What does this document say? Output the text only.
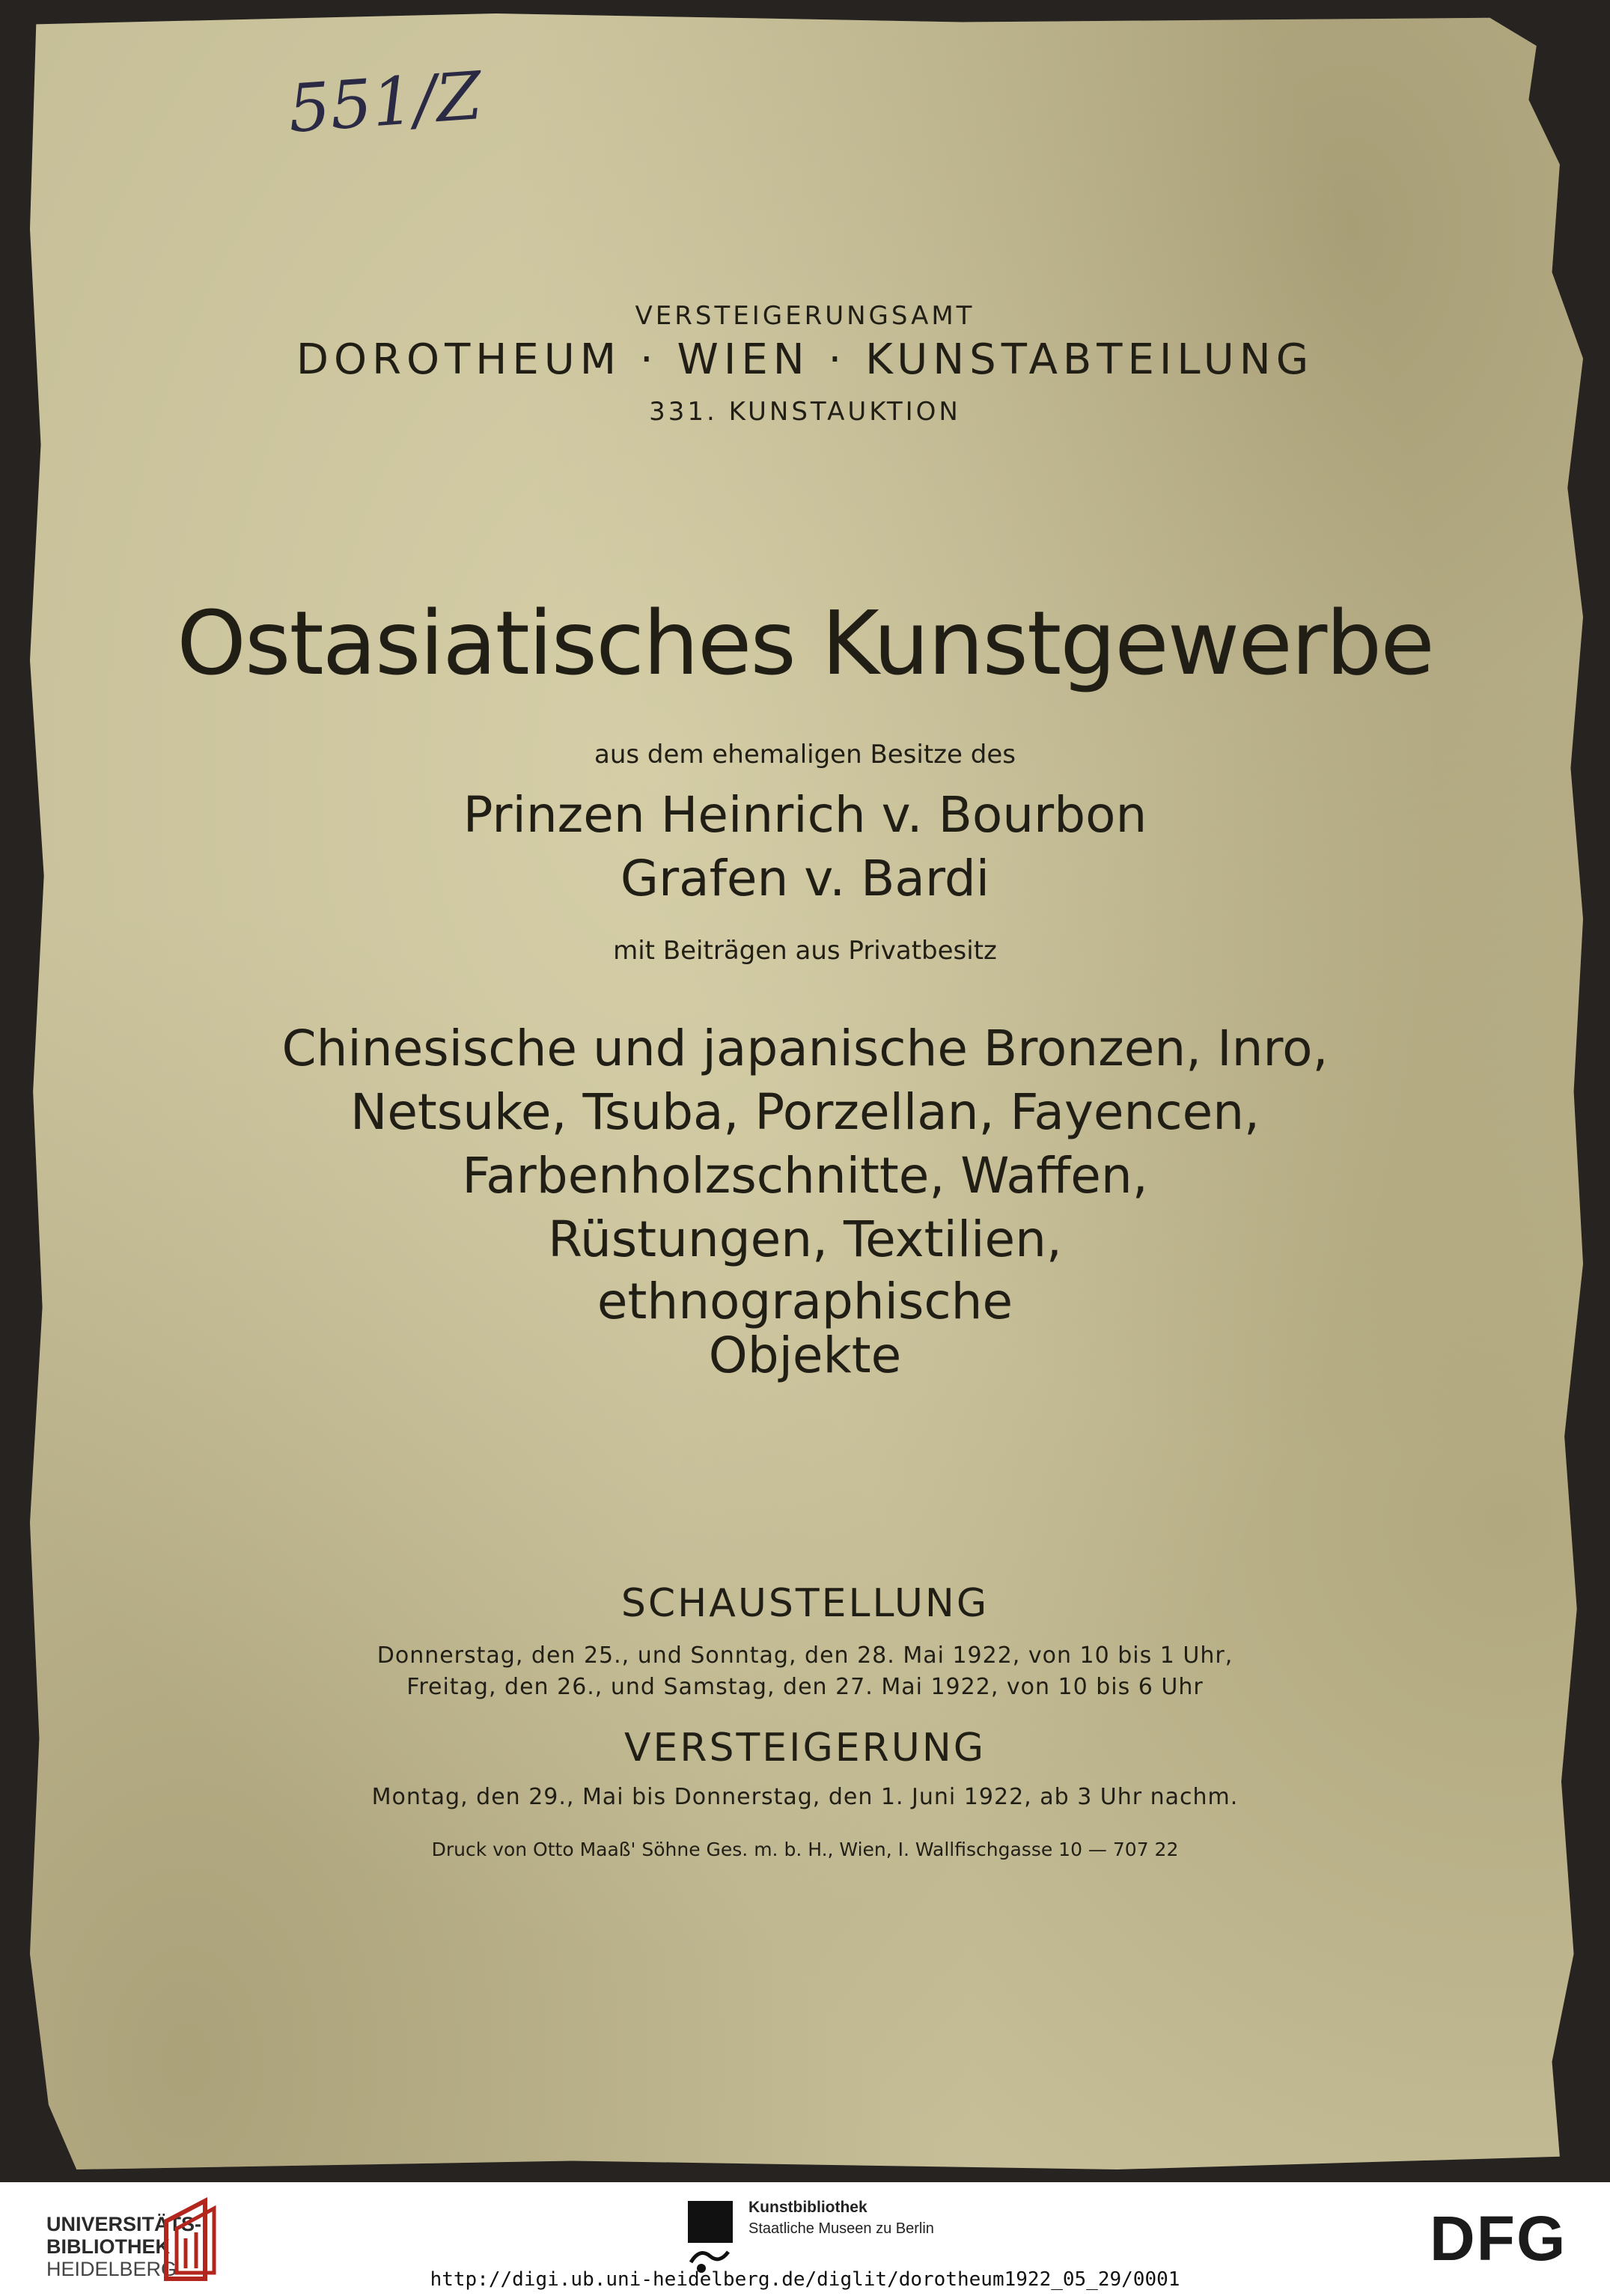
551/Z

VERSTEIGERUNGSAMT

DOROTHEUM · WIEN · KUNSTABTEILUNG

331. KUNSTAUKTION

Ostasiatisches Kunstgewerbe

aus dem ehemaligen Besitze des

Prinzen Heinrich v. Bourbon

Grafen v. Bardi

mit Beiträgen aus Privatbesitz

Chinesische und japanische Bronzen, Inro,

Netsuke, Tsuba, Porzellan, Fayencen,

Farbenholzschnitte, Waffen,

Rüstungen, Textilien,

ethnographische

Objekte

SCHAUSTELLUNG

Donnerstag, den 25., und Sonntag, den 28. Mai 1922, von 10 bis 1 Uhr,

Freitag, den 26., und Samstag, den 27. Mai 1922, von 10 bis 6 Uhr

VERSTEIGERUNG

Montag, den 29., Mai bis Donnerstag, den 1. Juni 1922, ab 3 Uhr nachm.

Druck von Otto Maaß' Söhne Ges. m. b. H., Wien, I. Wallfischgasse 10 — 707 22

UNIVERSITÄTS-
BIBLIOTHEK
HEIDELBERG
Kunstbibliothek
Staatliche Museen zu Berlin	DFG
http://digi.ub.uni-heidelberg.de/diglit/dorotheum1922_05_29/0001
